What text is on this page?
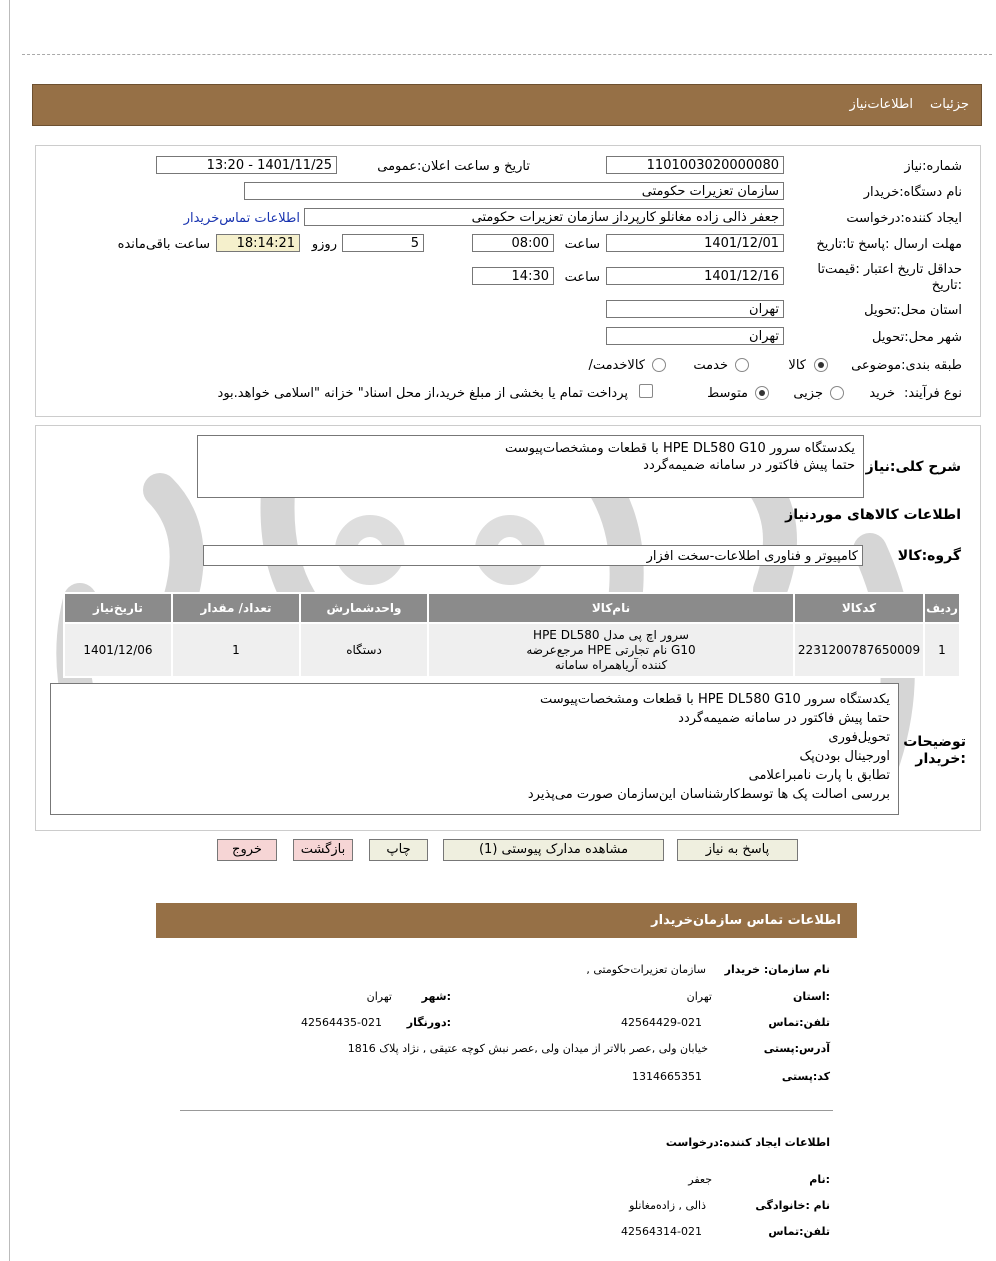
جزئیات
اطلاعات‌نیاز
شماره:نیاز
1101003020000080
تاریخ و ساعت اعلان:عمومی
1401/11/25 - 13:20
نام دستگاه:خریدار
سازمان تعزیرات حکومتی
ایجاد کننده:درخواست
جعفر ذالی زاده مغانلو کارپرداز سازمان تعزیرات حکومتی
اطلاعات تماس‌خریدار
مهلت ارسال :پاسخ تا:تاریخ
1401/12/01
ساعت
08:00
5
روزو
18:14:21
ساعت باقی‌مانده
حداقل تاریخ اعتبار :قیمت‌تا
:تاریخ
1401/12/16
ساعت
14:30
استان محل:تحویل
تهران
شهر محل:تحویل
تهران
طبقه بندی:موضوعی
کالا
خدمت
کالاخدمت/
نوع فرآیند:
خرید
جزیی
متوسط
پرداخت تمام یا بخشی از مبلغ خرید،از محل اسناد" خزانه "اسلامی خواهد.بود
یکدستگاه سرور HPE DL580 G10 با قطعات ومشخصات‌پیوست
حتما پیش فاکتور در سامانه ضمیمه‌گردد شرح کلی:نیاز
اطلاعات کالاهای موردنیاز
گروه:کالا
کامپیوتر و فناوری اطلاعات-سخت افزار
ردیف	کدکالا	نام‌کالا	واحدشمارش	تعداد/ مقدار	تاریخ‌نیاز
1	2231200787650009	سرور اچ پی مدل HPE DL580
G10 نام تجارتی HPE مرجع‌عرضه
کننده آریاهمراه سامانه	دستگاه	1	1401/12/06
یکدستگاه سرور HPE DL580 G10 با قطعات ومشخصات‌پیوست
حتما پیش فاکتور در سامانه ضمیمه‌گردد
تحویل‌فوری
اورجینال بودن‌پک
تطابق با پارت نامبراعلامی
بررسی اصالت پک ها توسط‌کارشناسان این‌سازمان صورت می‌پذیرد
توضیحات
:خریدار
پاسخ به نیاز
مشاهده مدارک پیوستی (1)
چاپ
بازگشت
خروج
اطلاعات تماس سازمان‌خریدار
نام سازمان: خریدار
سازمان تعزیرات‌حکومتی ,
:استان
تهران
:شهر
تهران
تلفن:تماس
42564429-021
:دورنگار
42564435-021
آدرس:پستی
خیابان ولی ,عصر بالاتر از میدان ولی ,عصر نبش کوچه عتیقی , نژاد پلاک 1816
کد:پستی
1314665351
اطلاعات ایجاد کننده:درخواست
:نام
جعفر
نام :خانوادگی
ذالی , زاده‌مغانلو
تلفن:تماس
42564314-021
